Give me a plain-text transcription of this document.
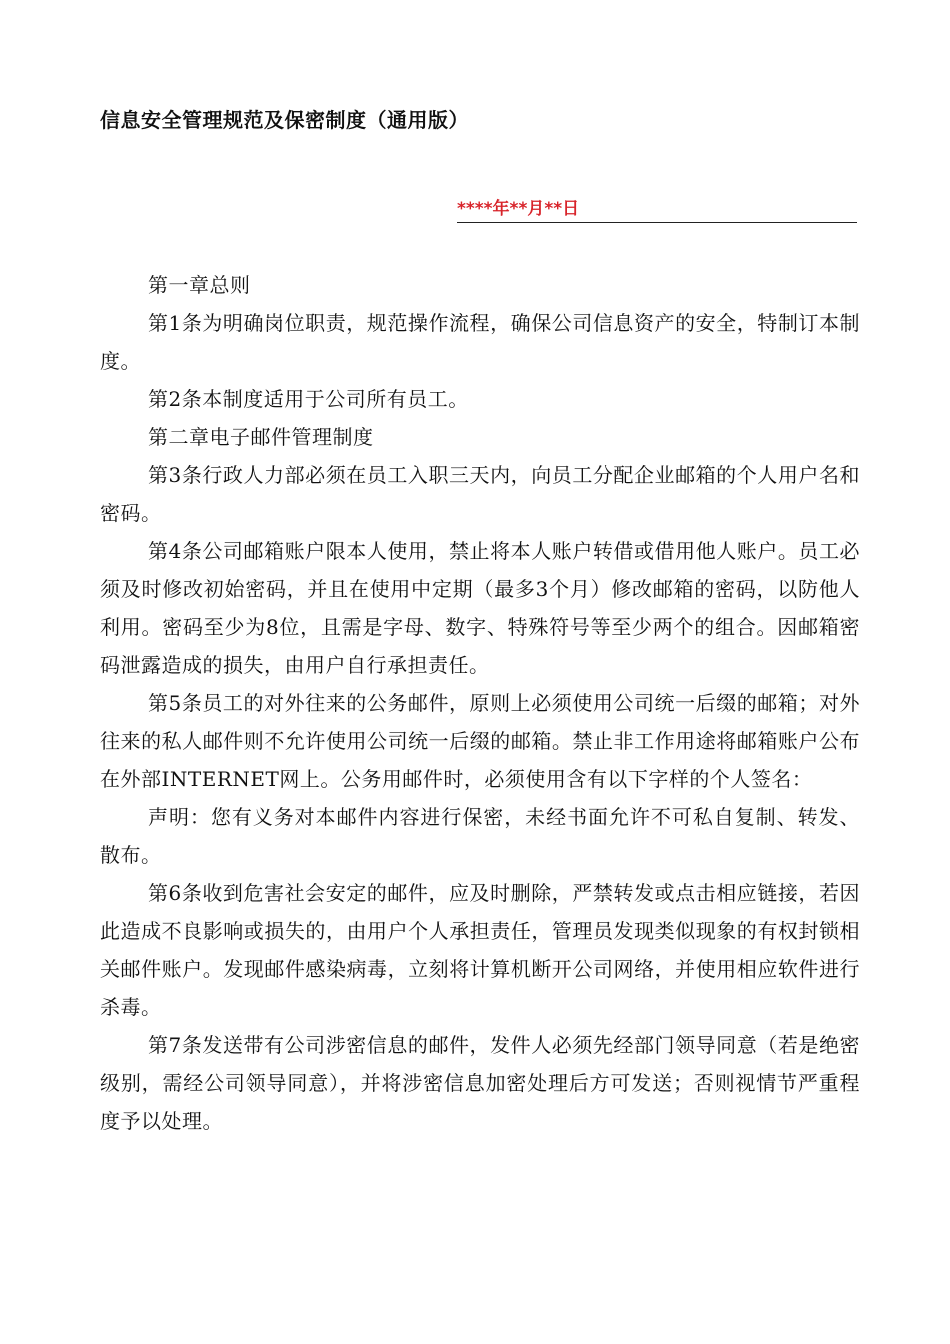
信息安全管理规范及保密制度（通用版）
****年**月**日

第一章总则

第1条为明确岗位职责，规范操作流程，确保公司信息资产的安全，特制订本制度。

第2条本制度适用于公司所有员工。

第二章电子邮件管理制度

第3条行政人力部必须在员工入职三天内，向员工分配企业邮箱的个人用户名和密码。

第4条公司邮箱账户限本人使用，禁止将本人账户转借或借用他人账户。员工必须及时修改初始密码，并且在使用中定期（最多3个月）修改邮箱的密码，以防他人利用。密码至少为8位，且需是字母、数字、特殊符号等至少两个的组合。因邮箱密码泄露造成的损失，由用户自行承担责任。

第5条员工的对外往来的公务邮件，原则上必须使用公司统一后缀的邮箱；对外往来的私人邮件则不允许使用公司统一后缀的邮箱。禁止非工作用途将邮箱账户公布在外部INTERNET网上。公务用邮件时，必须使用含有以下字样的个人签名：

声明：您有义务对本邮件内容进行保密，未经书面允许不可私自复制、转发、散布。

第6条收到危害社会安定的邮件，应及时删除，严禁转发或点击相应链接，若因此造成不良影响或损失的，由用户个人承担责任，管理员发现类似现象的有权封锁相关邮件账户。发现邮件感染病毒，立刻将计算机断开公司网络，并使用相应软件进行杀毒。

第7条发送带有公司涉密信息的邮件，发件人必须先经部门领导同意（若是绝密级别，需经公司领导同意），并将涉密信息加密处理后方可发送；否则视情节严重程度予以处理。
